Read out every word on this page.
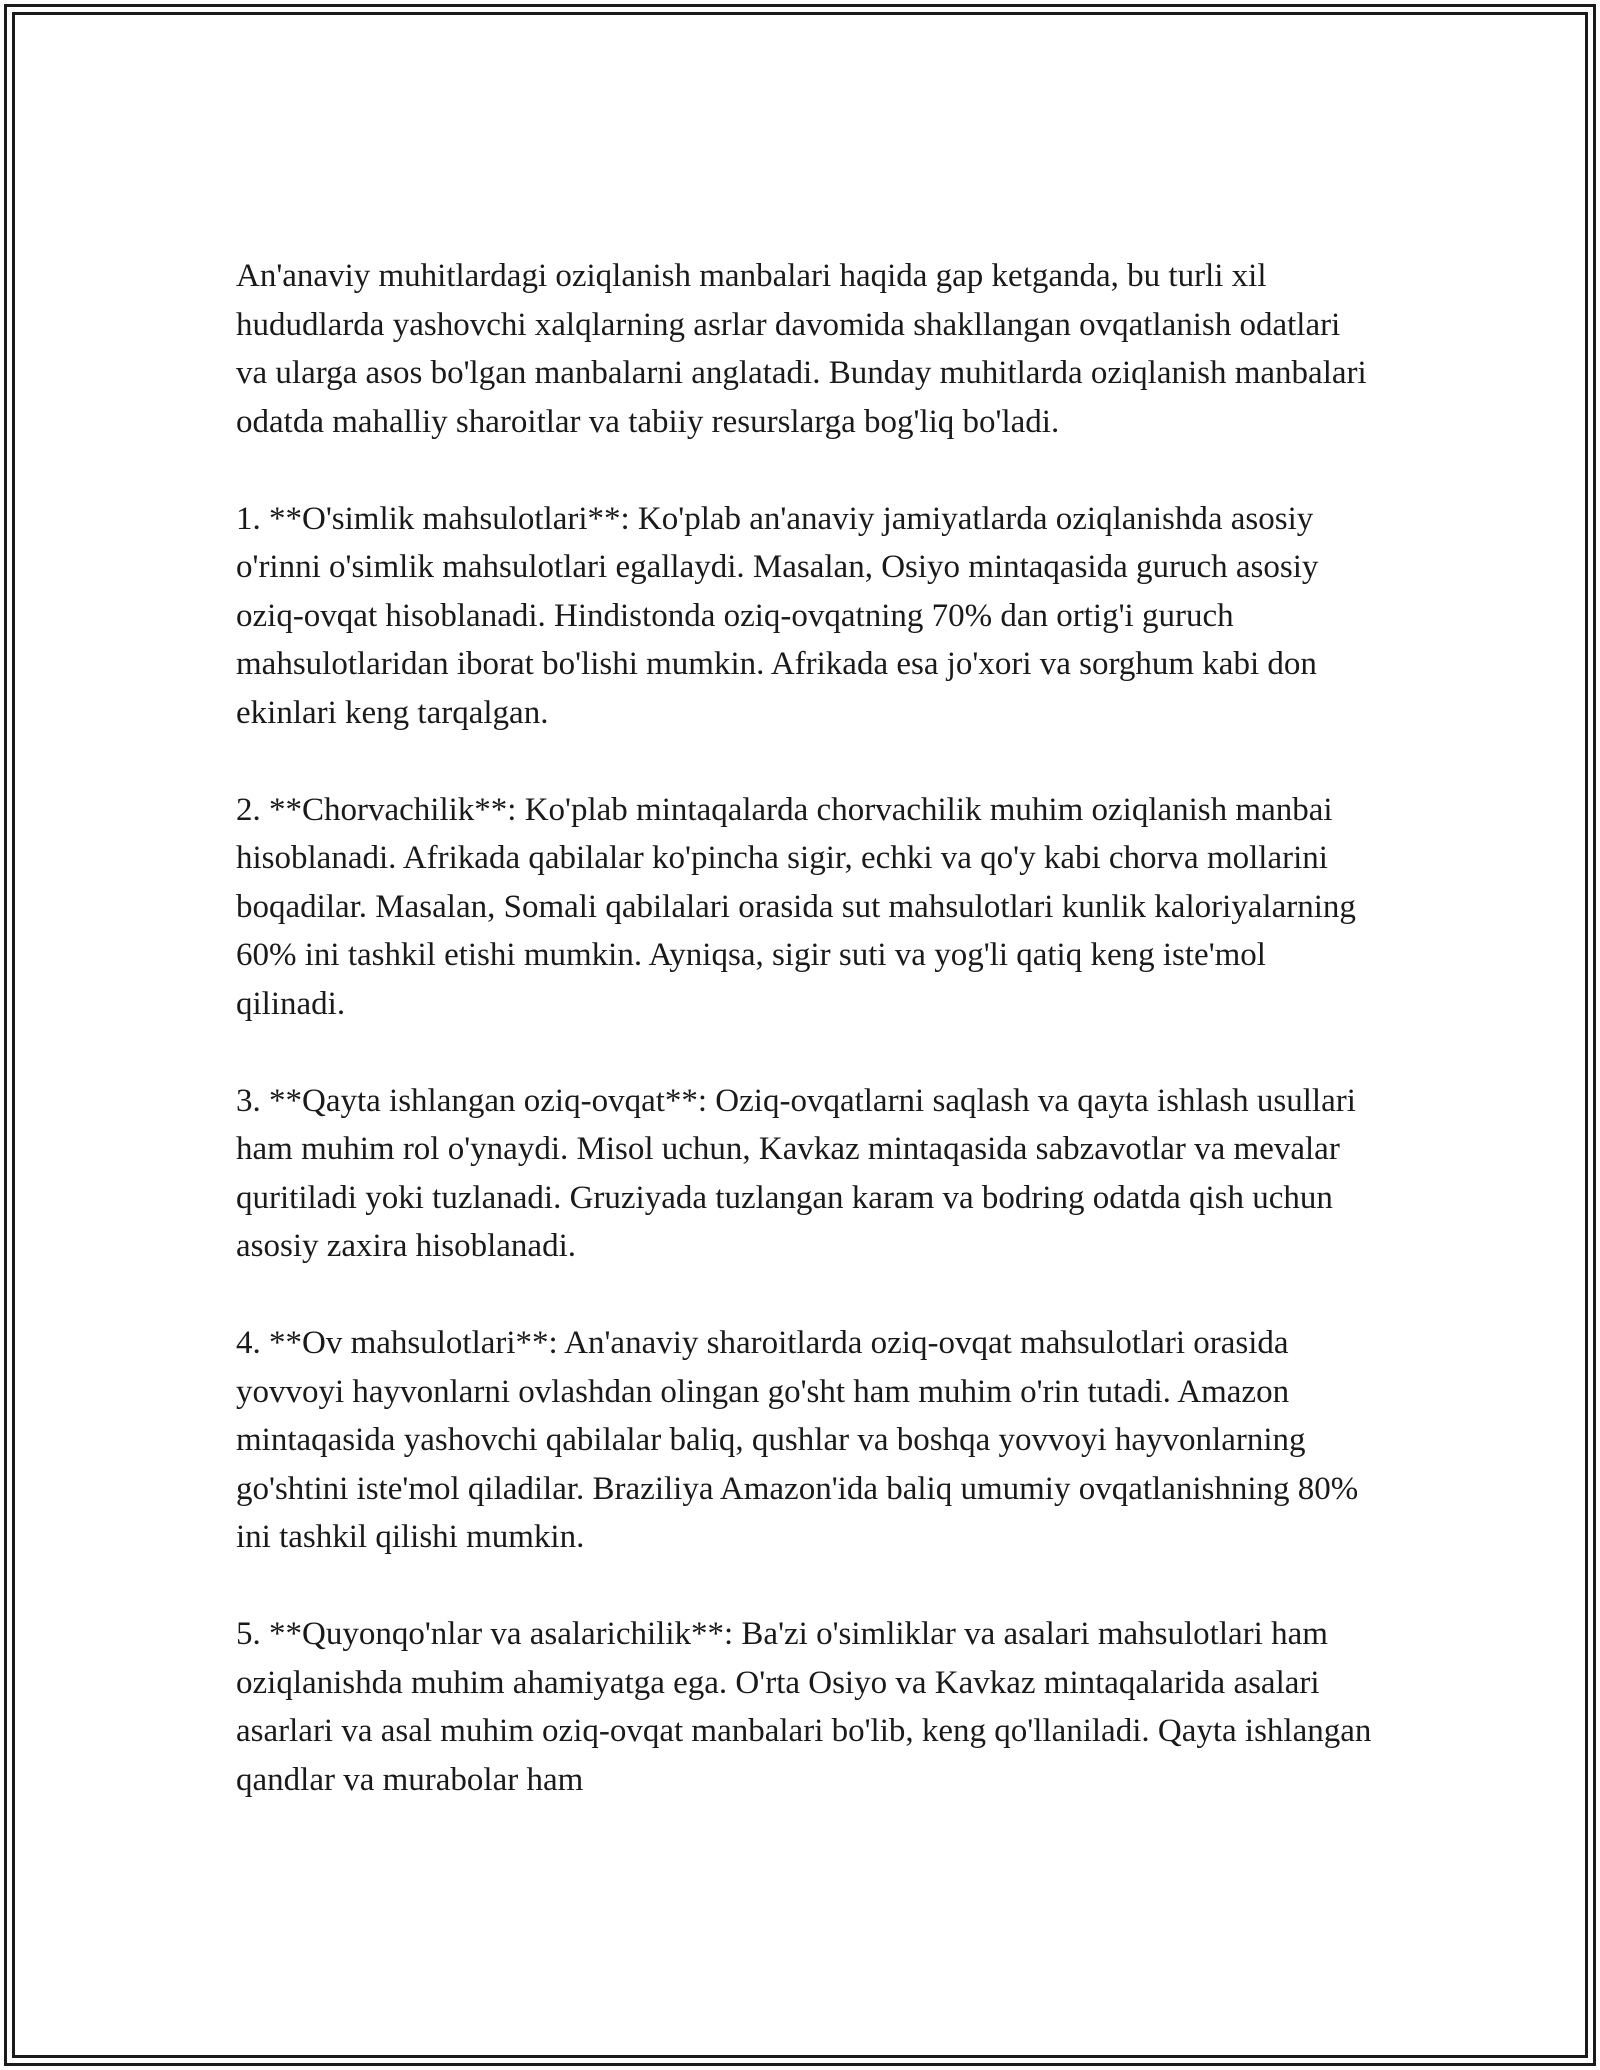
An'anaviy muhitlardagi oziqlanish manbalari haqida gap ketganda, bu turli xil hududlarda yashovchi xalqlarning asrlar davomida shakllangan ovqatlanish odatlari va ularga asos bo'lgan manbalarni anglatadi. Bunday muhitlarda oziqlanish manbalari odatda mahalliy sharoitlar va tabiiy resurslarga bog'liq bo'ladi.

1. **O'simlik mahsulotlari**: Ko'plab an'anaviy jamiyatlarda oziqlanishda asosiy o'rinni o'simlik mahsulotlari egallaydi. Masalan, Osiyo mintaqasida guruch asosiy oziq-ovqat hisoblanadi. Hindistonda oziq-ovqatning 70% dan ortig'i guruch mahsulotlaridan iborat bo'lishi mumkin. Afrikada esa jo'xori va sorghum kabi don ekinlari keng tarqalgan.

2. **Chorvachilik**: Ko'plab mintaqalarda chorvachilik muhim oziqlanish manbai hisoblanadi. Afrikada qabilalar ko'pincha sigir, echki va qo'y kabi chorva mollarini boqadilar. Masalan, Somali qabilalari orasida sut mahsulotlari kunlik kaloriyalarning 60% ini tashkil etishi mumkin. Ayniqsa, sigir suti va yog'li qatiq keng iste'mol qilinadi.

3. **Qayta ishlangan oziq-ovqat**: Oziq-ovqatlarni saqlash va qayta ishlash usullari ham muhim rol o'ynaydi. Misol uchun, Kavkaz mintaqasida sabzavotlar va mevalar quritiladi yoki tuzlanadi. Gruziyada tuzlangan karam va bodring odatda qish uchun asosiy zaxira hisoblanadi.

4. **Ov mahsulotlari**: An'anaviy sharoitlarda oziq-ovqat mahsulotlari orasida yovvoyi hayvonlarni ovlashdan olingan go'sht ham muhim o'rin tutadi. Amazon mintaqasida yashovchi qabilalar baliq, qushlar va boshqa yovvoyi hayvonlarning go'shtini iste'mol qiladilar. Braziliya Amazon'ida baliq umumiy ovqatlanishning 80% ini tashkil qilishi mumkin.

5. **Quyonqo'nlar va asalarichilik**: Ba'zi o'simliklar va asalari mahsulotlari ham oziqlanishda muhim ahamiyatga ega. O'rta Osiyo va Kavkaz mintaqalarida asalari asarlari va asal muhim oziq-ovqat manbalari bo'lib, keng qo'llaniladi. Qayta ishlangan qandlar va murabolar ham
